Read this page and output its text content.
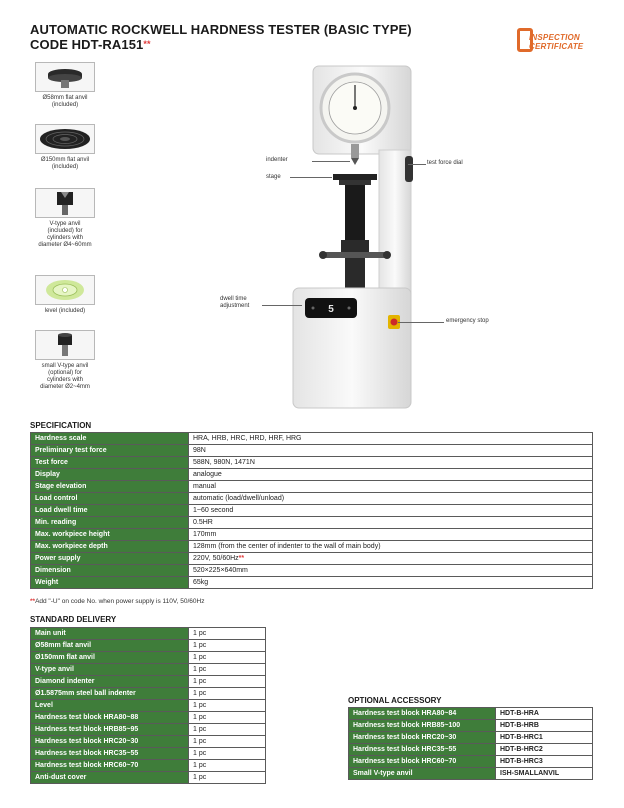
AUTOMATIC ROCKWELL HARDNESS TESTER (BASIC TYPE)
CODE HDT-RA151**
INSPECTION
CERTIFICATE
Ø58mm flat anvil
(included)
Ø150mm flat anvil
(included)
V-type anvil
(included) for
cylinders with
diameter Ø4~60mm
level (included)
small V-type anvil
(optional) for
cylinders with
diameter Ø2~4mm
5
indenter
stage
test force dial
dwell time
adjustment
emergency stop
SPECIFICATION
Hardness scale	HRA, HRB, HRC, HRD, HRF, HRG
Preliminary test force	98N
Test force	588N, 980N, 1471N
Display	analogue
Stage elevation	manual
Load control	automatic (load/dwell/unload)
Load dwell time	1~60 second
Min. reading	0.5HR
Max. workpiece height	170mm
Max. workpiece depth	128mm (from the center of indenter to the wall of main body)
Power supply	220V, 50/60Hz**
Dimension	520×225×640mm
Weight	65kg
**Add "-U" on code No. when power supply is 110V, 50/60Hz
STANDARD DELIVERY
Main unit	1 pc
Ø58mm flat anvil	1 pc
Ø150mm flat anvil	1 pc
V-type anvil	1 pc
Diamond indenter	1 pc
Ø1.5875mm steel ball indenter	1 pc
Level	1 pc
Hardness test block HRA80~88	1 pc
Hardness test block HRB85~95	1 pc
Hardness test block HRC20~30	1 pc
Hardness test block HRC35~55	1 pc
Hardness test block HRC60~70	1 pc
Anti-dust cover	1 pc
OPTIONAL ACCESSORY
Hardness test block HRA80~84	HDT-B-HRA
Hardness test block HRB85~100	HDT-B-HRB
Hardness test block HRC20~30	HDT-B-HRC1
Hardness test block HRC35~55	HDT-B-HRC2
Hardness test block HRC60~70	HDT-B-HRC3
Small V-type anvil	ISH-SMALLANVIL
